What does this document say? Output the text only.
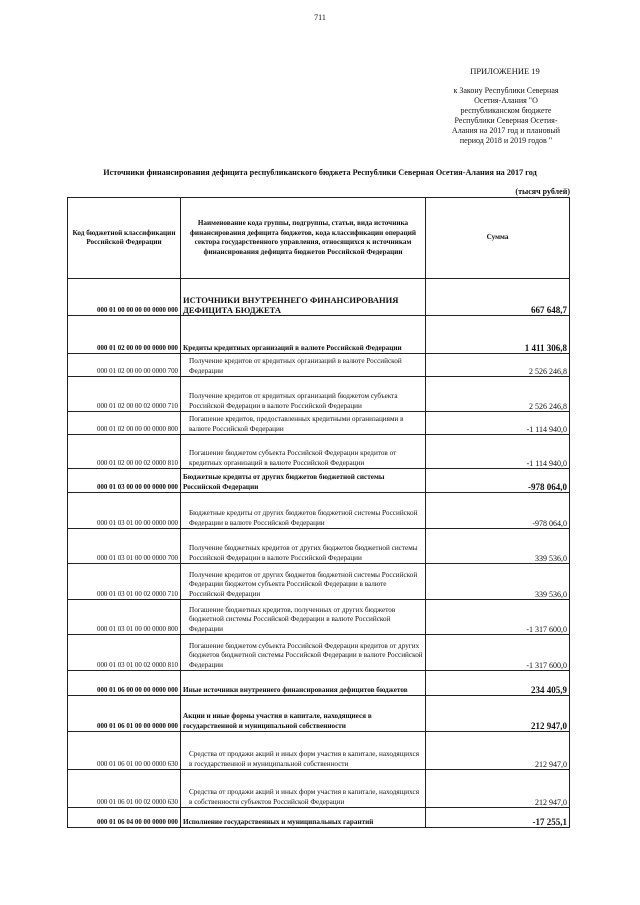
711
ПРИЛОЖЕНИЕ 19
к Закону Республики Северная
Осетия-Алания "О
республиканском бюджете
Республики Северная Осетия-
Алания на 2017 год и плановый
период 2018 и 2019 годов "
Источники финансирования дефицита республиканского бюджета Республики Северная Осетия-Алания на 2017 год
(тысяч рублей)
Код бюджетной классификации Российской Федерации	Наименование кода группы, подгруппы, статьи, вида источника финансирования дефицита бюджетов, кода классификации операций сектора государственного управления, относящихся к источникам финансирования дефицита бюджетов Российской Федерации	Сумма
000 01 00 00 00 00 0000 000	ИСТОЧНИКИ ВНУТРЕННЕГО ФИНАНСИРОВАНИЯ ДЕФИЦИТА БЮДЖЕТА	667 648,7
000 01 02 00 00 00 0000 000	Кредиты кредитных организаций в валюте Российской Федерации	1 411 306,8
000 01 02 00 00 00 0000 700	Получение кредитов от кредитных организаций в валюте Российской Федерации	2 526 246,8
000 01 02 00 00 02 0000 710	Получение кредитов от кредитных организаций бюджетом субъекта Российской Федерации в валюте Российской Федерации	2 526 246,8
000 01 02 00 00 00 0000 800	Погашение кредитов, предоставленных кредитными организациями в валюте Российской Федерации	-1 114 940,0
000 01 02 00 00 02 0000 810	Погашение бюджетом субъекта Российской Федерации кредитов от кредитных организаций в валюте Российской Федерации	-1 114 940,0
000 01 03 00 00 00 0000 000	Бюджетные кредиты от других бюджетов бюджетной системы Российской Федерации	-978 064,0
000 01 03 01 00 00 0000 000	Бюджетные кредиты от других бюджетов бюджетной системы Российской Федерации в валюте Российской Федерации	-978 064,0
000 01 03 01 00 00 0000 700	Получение бюджетных кредитов от других бюджетов бюджетной системы Российской Федерации в валюте Российской Федерации	339 536,0
000 01 03 01 00 02 0000 710	Получение кредитов от других бюджетов бюджетной системы Российской Федерации бюджетом субъекта Российской Федерации в валюте Российской Федерации	339 536,0
000 01 03 01 00 00 0000 800	Погашение бюджетных кредитов, полученных от других бюджетов бюджетной системы Российской Федерации в валюте Российской Федерации	-1 317 600,0
000 01 03 01 00 02 0000 810	Погашение бюджетом субъекта Российской Федерации кредитов от других бюджетов бюджетной системы Российской Федерации в валюте Российской Федерации	-1 317 600,0
000 01 06 00 00 00 0000 000	Иные источники внутреннего финансирования дефицитов бюджетов	234 405,9
000 01 06 01 00 00 0000 000	Акции и иные формы участия в капитале, находящиеся в государственной и муниципальной собственности	212 947,0
000 01 06 01 00 00 0000 630	Средства от продажи акций и иных форм участия в капитале, находящихся в государственной и муниципальной собственности	212 947,0
000 01 06 01 00 02 0000 630	Средства от продажи акций и иных форм участия в капитале, находящихся в собственности субъектов Российской Федерации	212 947,0
000 01 06 04 00 00 0000 000	Исполнение государственных и муниципальных гарантий	-17 255,1
